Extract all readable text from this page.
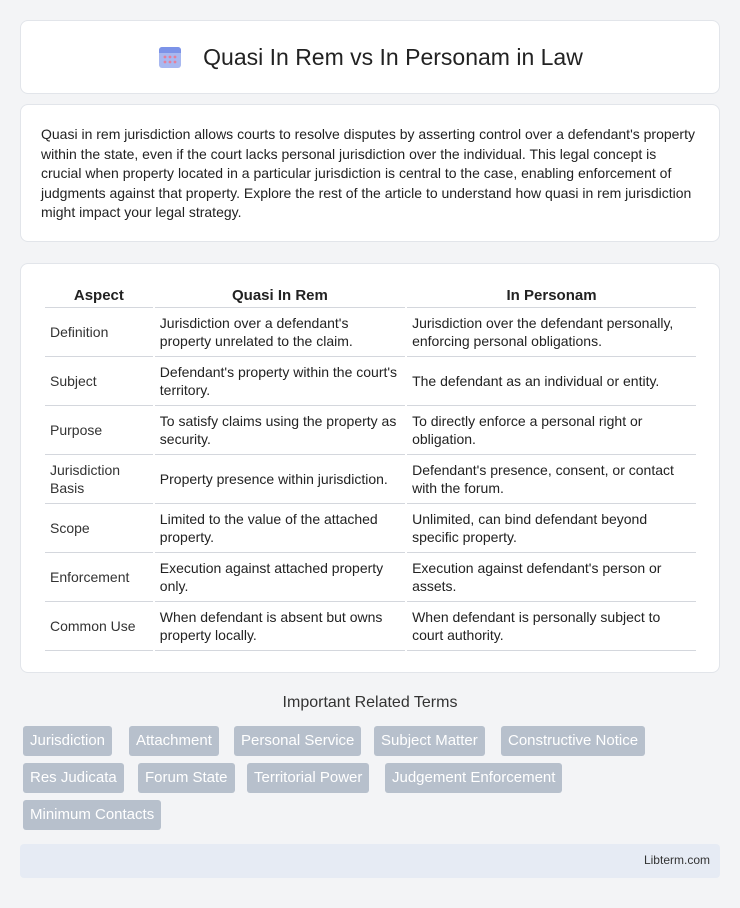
Quasi In Rem vs In Personam in Law

Quasi in rem jurisdiction allows courts to resolve disputes by asserting control over a defendant's property within the state, even if the court lacks personal jurisdiction over the individual. This legal concept is crucial when property located in a particular jurisdiction is central to the case, enabling enforcement of judgments against that property. Explore the rest of the article to understand how quasi in rem jurisdiction might impact your legal strategy.

Aspect	Quasi In Rem	In Personam
Definition	Jurisdiction over a defendant's property unrelated to the claim.	Jurisdiction over the defendant personally, enforcing personal obligations.
Subject	Defendant's property within the court's territory.	The defendant as an individual or entity.
Purpose	To satisfy claims using the property as security.	To directly enforce a personal right or obligation.
Jurisdiction Basis	Property presence within jurisdiction.	Defendant's presence, consent, or contact with the forum.
Scope	Limited to the value of the attached property.	Unlimited, can bind defendant beyond specific property.
Enforcement	Execution against attached property only.	Execution against defendant's person or assets.
Common Use	When defendant is absent but owns property locally.	When defendant is personally subject to court authority.
Important Related Terms
Jurisdiction	Attachment	Personal Service	Subject Matter	Constructive Notice
Res Judicata	Forum State	Territorial Power	Judgement Enforcement
Minimum Contacts
Libterm.com
